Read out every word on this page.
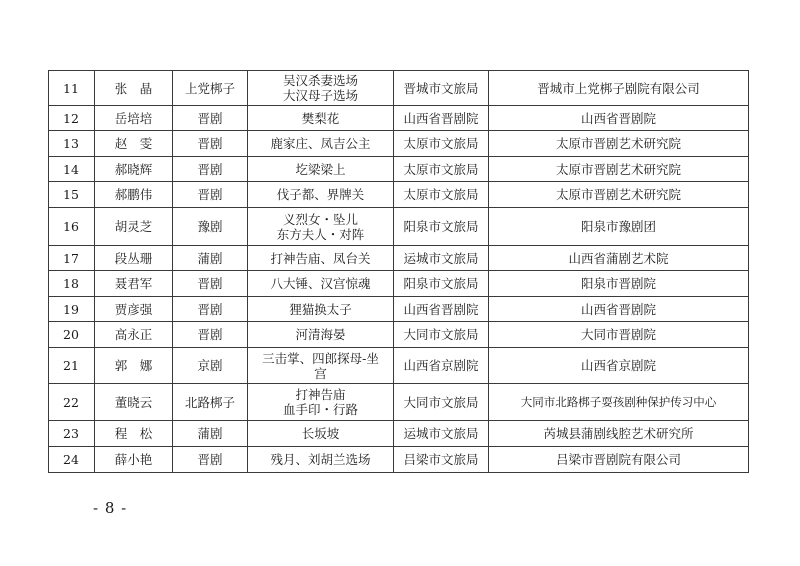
11	张　晶	上党梆子	吴汉杀妻选场
大汉母子选场	晋城市文旅局	晋城市上党梆子剧院有限公司
12	岳培培	晋剧	樊梨花	山西省晋剧院	山西省晋剧院
13	赵　雯	晋剧	鹿家庄、凤吉公主	太原市文旅局	太原市晋剧艺术研究院
14	郝晓辉	晋剧	圪梁梁上	太原市文旅局	太原市晋剧艺术研究院
15	郝鹏伟	晋剧	伐子都、界牌关	太原市文旅局	太原市晋剧艺术研究院
16	胡灵芝	豫剧	义烈女・坠儿
东方夫人・对阵	阳泉市文旅局	阳泉市豫剧团
17	段丛珊	蒲剧	打神告庙、凤台关	运城市文旅局	山西省蒲剧艺术院
18	聂君军	晋剧	八大锤、汉宫惊魂	阳泉市文旅局	阳泉市晋剧院
19	贾彦强	晋剧	狸猫换太子	山西省晋剧院	山西省晋剧院
20	高永正	晋剧	河清海晏	大同市文旅局	大同市晋剧院
21	郭　娜	京剧	三击掌、四郎探母-坐
宫	山西省京剧院	山西省京剧院
22	董晓云	北路梆子	打神告庙
血手印・行路	大同市文旅局	大同市北路梆子耍孩剧种保护传习中心
23	程　松	蒲剧	长坂坡	运城市文旅局	芮城县蒲剧线腔艺术研究所
24	薛小艳	晋剧	残月、刘胡兰选场	吕梁市文旅局	吕梁市晋剧院有限公司
- 8 -
